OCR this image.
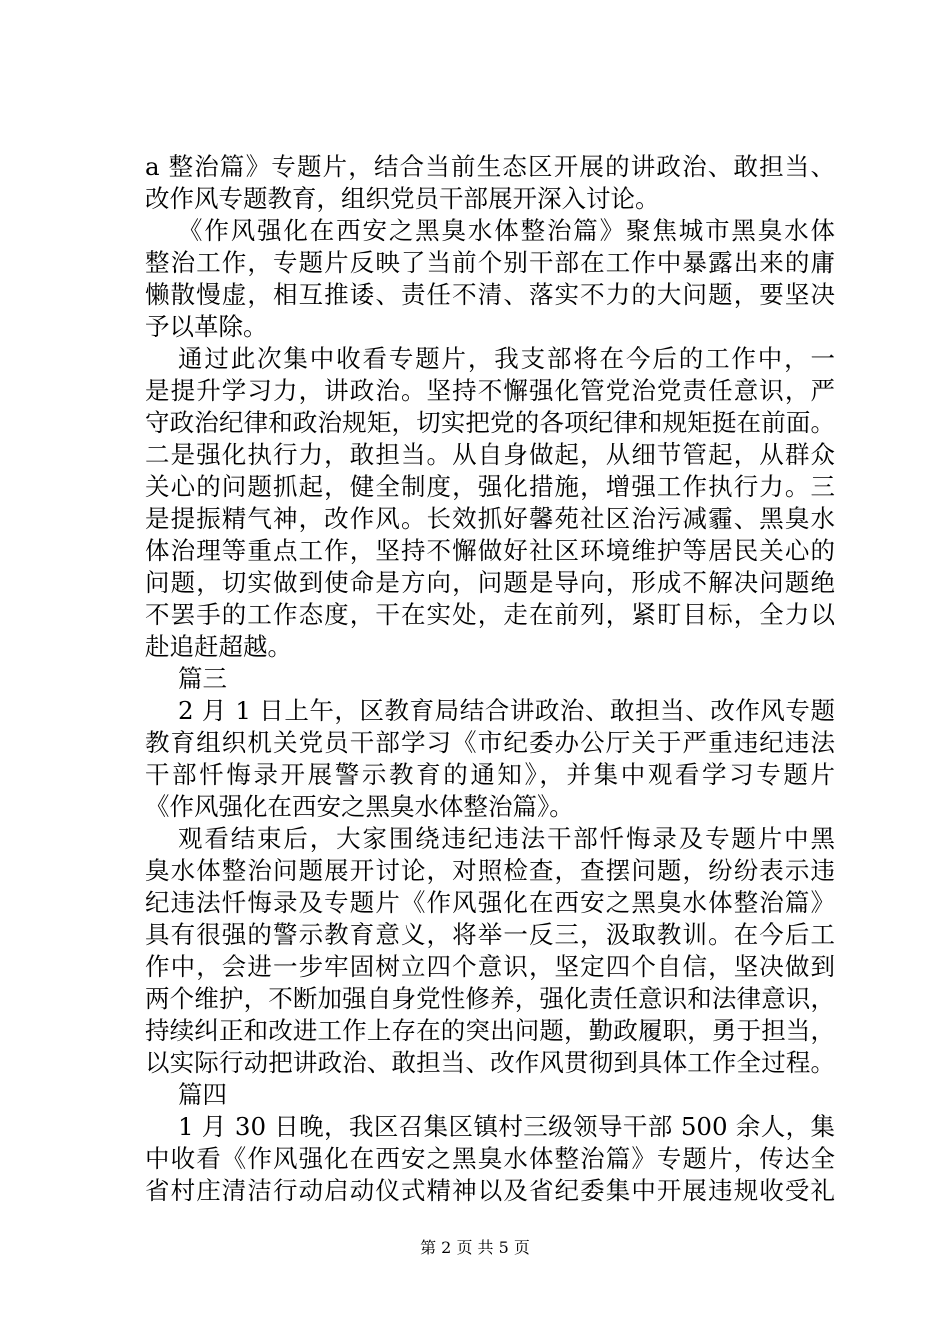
a 整治篇》专题片，结合当前生态区开展的讲政治、敢担当、
改作风专题教育，组织党员干部展开深入讨论。
《作风强化在西安之黑臭水体整治篇》聚焦城市黑臭水体
整治工作，专题片反映了当前个别干部在工作中暴露出来的庸
懒散慢虚，相互推诿、责任不清、落实不力的大问题，要坚决
予以革除。
通过此次集中收看专题片，我支部将在今后的工作中，一
是提升学习力，讲政治。坚持不懈强化管党治党责任意识，严
守政治纪律和政治规矩，切实把党的各项纪律和规矩挺在前面。
二是强化执行力，敢担当。从自身做起，从细节管起，从群众
关心的问题抓起，健全制度，强化措施，增强工作执行力。三
是提振精气神，改作风。长效抓好馨苑社区治污减霾、黑臭水
体治理等重点工作，坚持不懈做好社区环境维护等居民关心的
问题，切实做到使命是方向，问题是导向，形成不解决问题绝
不罢手的工作态度，干在实处，走在前列，紧盯目标，全力以
赴追赶超越。
篇三
2 月 1 日上午，区教育局结合讲政治、敢担当、改作风专题
教育组织机关党员干部学习《市纪委办公厅关于严重违纪违法
干部忏悔录开展警示教育的通知》，并集中观看学习专题片
《作风强化在西安之黑臭水体整治篇》。
观看结束后，大家围绕违纪违法干部忏悔录及专题片中黑
臭水体整治问题展开讨论，对照检查，查摆问题，纷纷表示违
纪违法忏悔录及专题片《作风强化在西安之黑臭水体整治篇》
具有很强的警示教育意义，将举一反三，汲取教训。在今后工
作中，会进一步牢固树立四个意识，坚定四个自信，坚决做到
两个维护，不断加强自身党性修养，强化责任意识和法律意识，
持续纠正和改进工作上存在的突出问题，勤政履职，勇于担当，
以实际行动把讲政治、敢担当、改作风贯彻到具体工作全过程。
篇四
1 月 30 日晚，我区召集区镇村三级领导干部 500 余人，集
中收看《作风强化在西安之黑臭水体整治篇》专题片，传达全
省村庄清洁行动启动仪式精神以及省纪委集中开展违规收受礼
第 2 页 共 5 页
